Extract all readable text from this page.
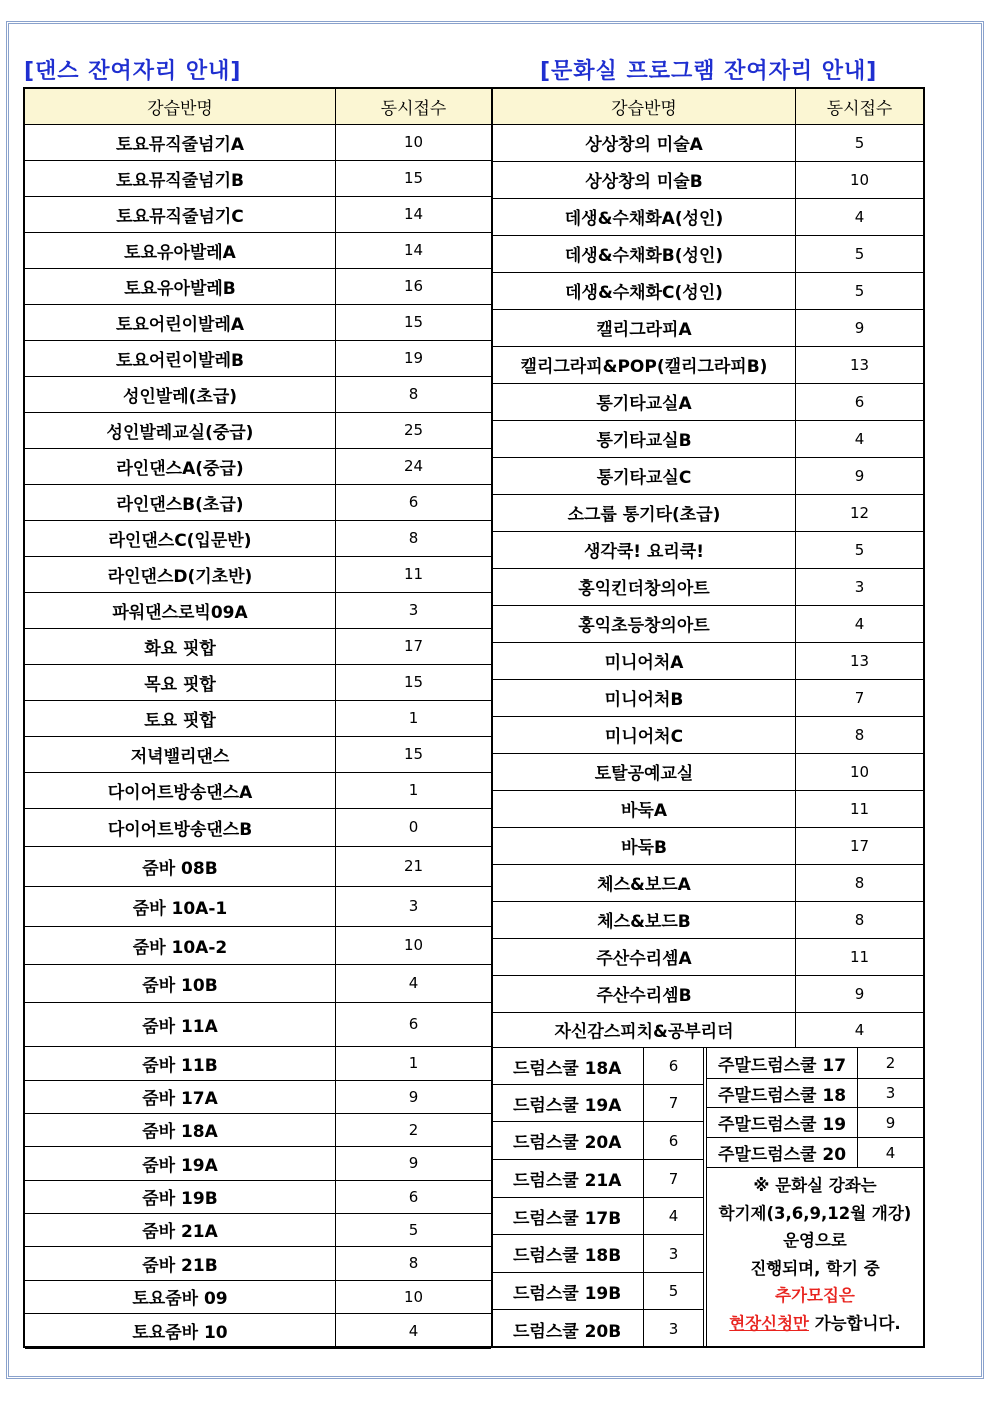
[댄스 잔여자리 안내]	[문화실 프로그램 잔여자리 안내]
강습반명	동시접수
토요뮤직줄넘기A	10
토요뮤직줄넘기B	15
토요뮤직줄넘기C	14
토요유아발레A	14
토요유아발레B	16
토요어린이발레A	15
토요어린이발레B	19
성인발레(초급)	8
성인발레교실(중급)	25
라인댄스A(중급)	24
라인댄스B(초급)	6
라인댄스C(입문반)	8
라인댄스D(기초반)	11
파워댄스로빅09A	3
화요 핏합	17
목요 핏합	15
토요 핏합	1
저녁밸리댄스	15
다이어트방송댄스A	1
다이어트방송댄스B	0
줌바 08B	21
줌바 10A-1	3
줌바 10A-2	10
줌바 10B	4
줌바 11A	6
줌바 11B	1
줌바 17A	9
줌바 18A	2
줌바 19A	9
줌바 19B	6
줌바 21A	5
줌바 21B	8
토요줌바 09	10
토요줌바 10	4
※ 문화실 강좌는
학기제(3,6,9,12월 개강)
운영으로
진행되며, 학기 중
추가모집은
현장신청만 가능합니다.
강습반명	동시접수
상상창의 미술A	5
상상창의 미술B	10
데생&수채화A(성인)	4
데생&수채화B(성인)	5
데생&수채화C(성인)	5
캘리그라피A	9
캘리그라피&POP(캘리그라피B)	13
통기타교실A	6
통기타교실B	4
통기타교실C	9
소그룹 통기타(초급)	12
생각쿡! 요리쿡!	5
홍익킨더창의아트	3
홍익초등창의아트	4
미니어처A	13
미니어처B	7
미니어처C	8
토탈공예교실	10
바둑A	11
바둑B	17
체스&보드A	8
체스&보드B	8
주산수리셈A	11
주산수리셈B	9
자신감스피치&공부리더	4
드럼스쿨 18A	6
드럼스쿨 19A	7
드럼스쿨 20A	6
드럼스쿨 21A	7
드럼스쿨 17B	4
드럼스쿨 18B	3
드럼스쿨 19B	5
드럼스쿨 20B	3
주말드럼스쿨 17	2
주말드럼스쿨 18	3
주말드럼스쿨 19	9
주말드럼스쿨 20	4
